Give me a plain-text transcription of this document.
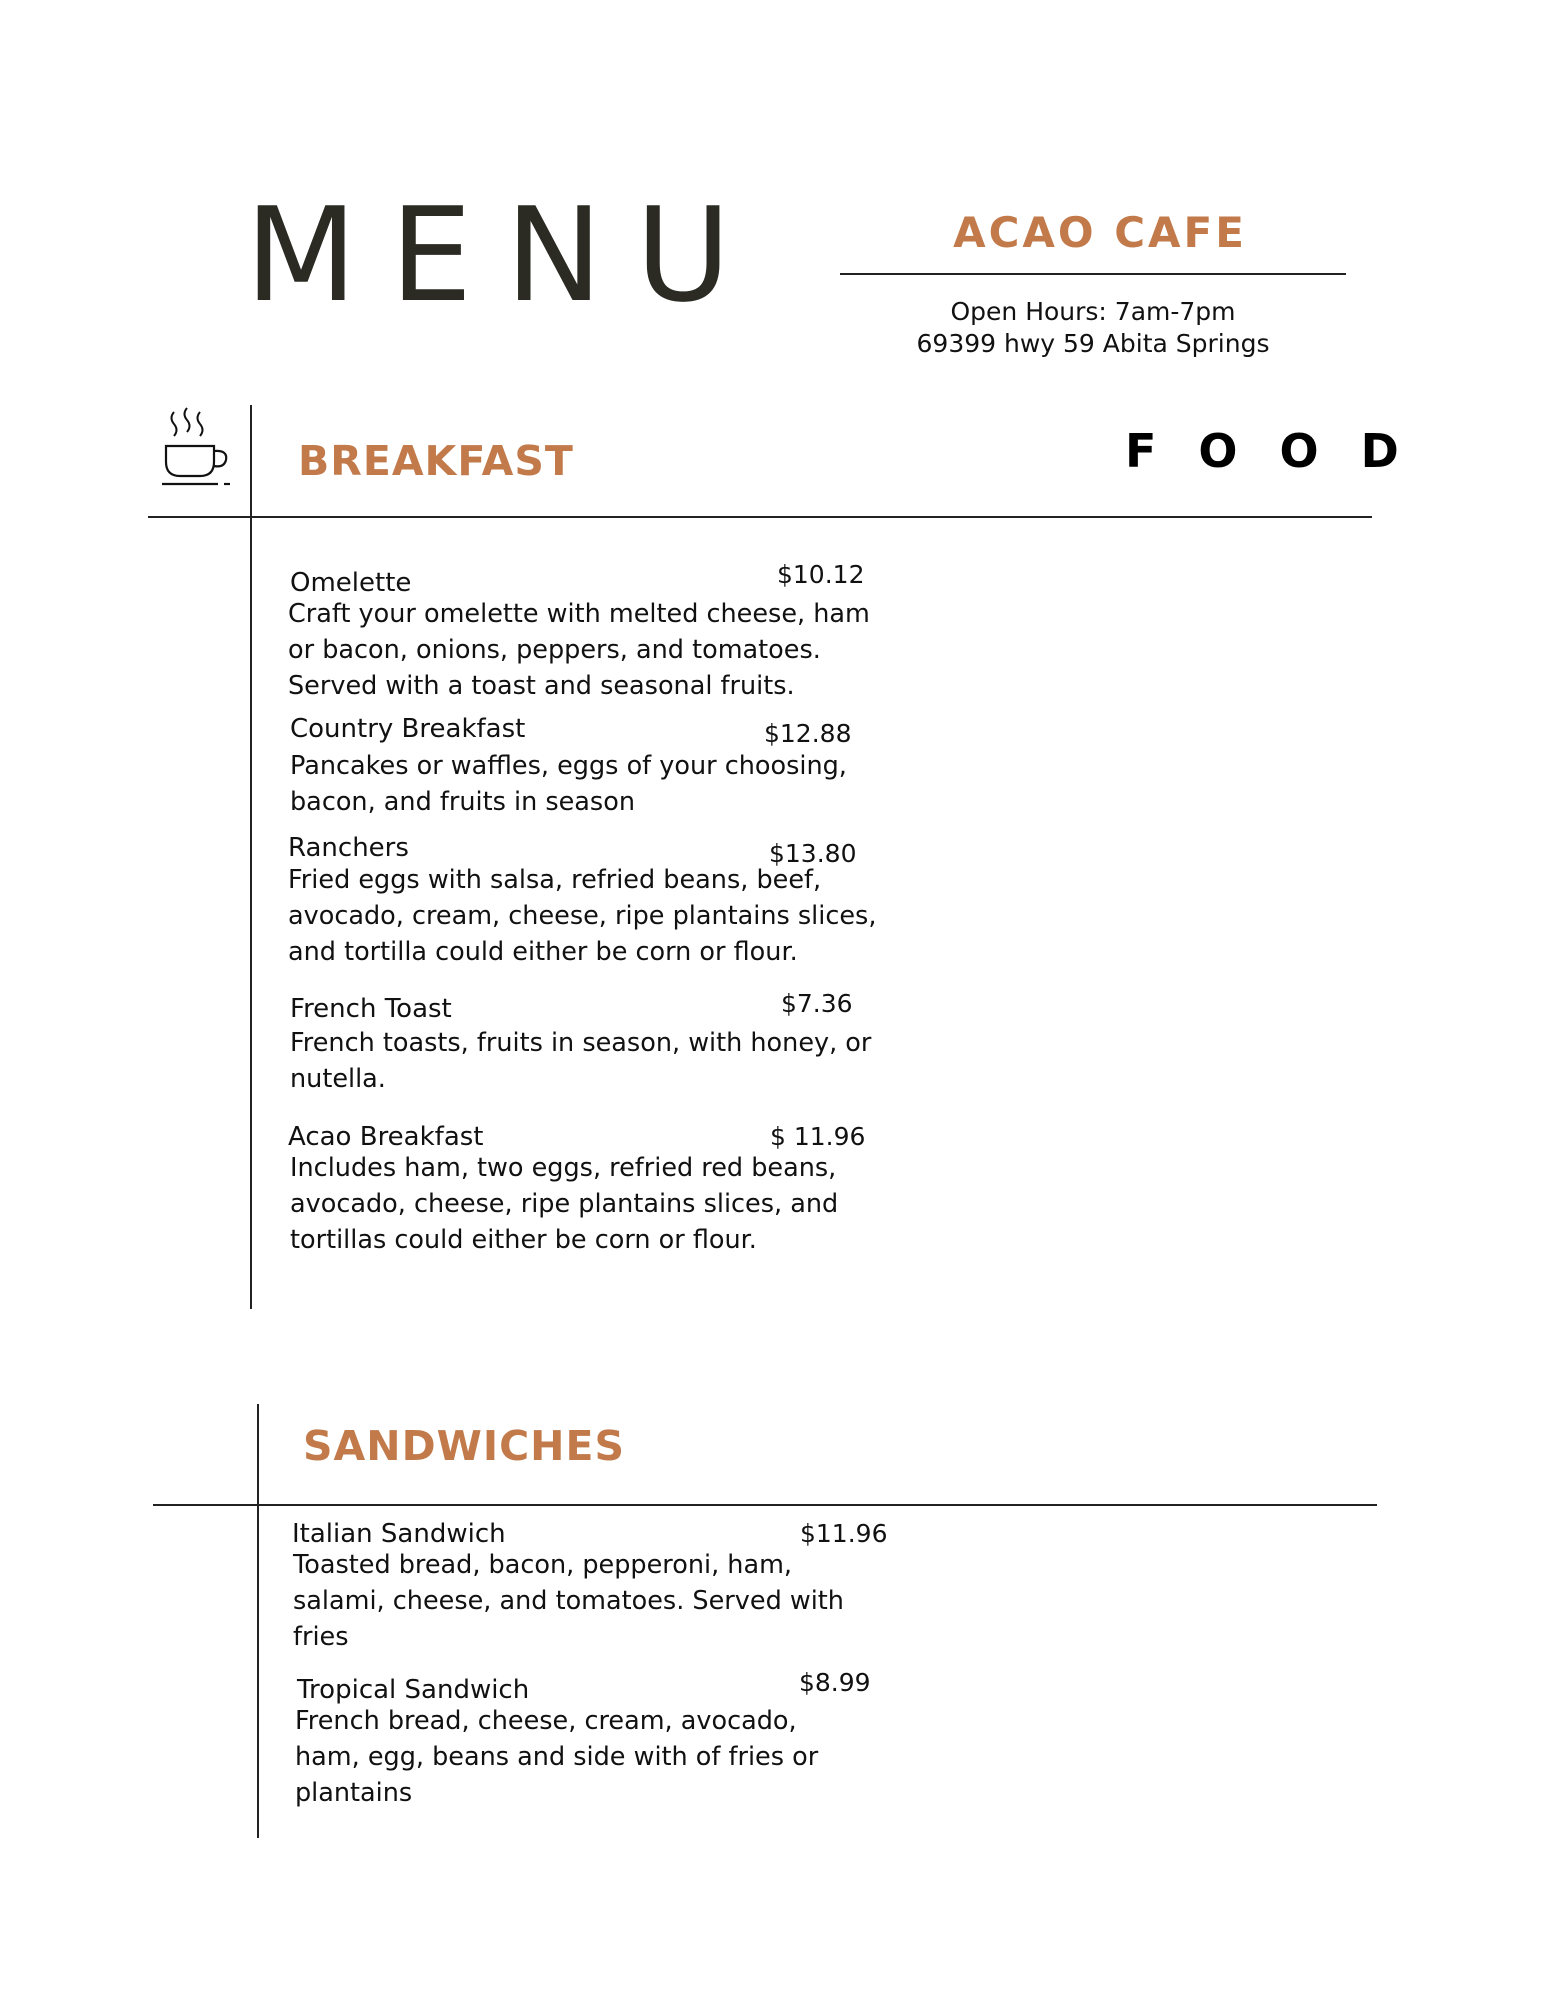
MENU	ACAO CAFE
Open Hours: 7am-7pm
69399 hwy 59 Abita Springs
FOOD
BREAKFAST
Omelette	$10.12
Craft your omelette with melted cheese, ham or bacon, onions, peppers, and tomatoes. Served with a toast and seasonal fruits.
Country Breakfast	$12.88
Pancakes or waffles, eggs of your choosing, bacon, and fruits in season
Ranchers	$13.80
Fried eggs with salsa, refried beans, beef, avocado, cream, cheese, ripe plantains slices, and tortilla could either be corn or flour.
French Toast	$7.36
French toasts, fruits in season, with honey, or nutella.
Acao Breakfast	$ 11.96
Includes ham, two eggs, refried red beans, avocado, cheese, ripe plantains slices, and tortillas could either be corn or flour.
SANDWICHES
Italian Sandwich	$11.96
Toasted bread, bacon, pepperoni, ham, salami, cheese, and tomatoes. Served with fries
Tropical Sandwich	$8.99
French bread, cheese, cream, avocado, ham, egg, beans and side with of fries or plantains
